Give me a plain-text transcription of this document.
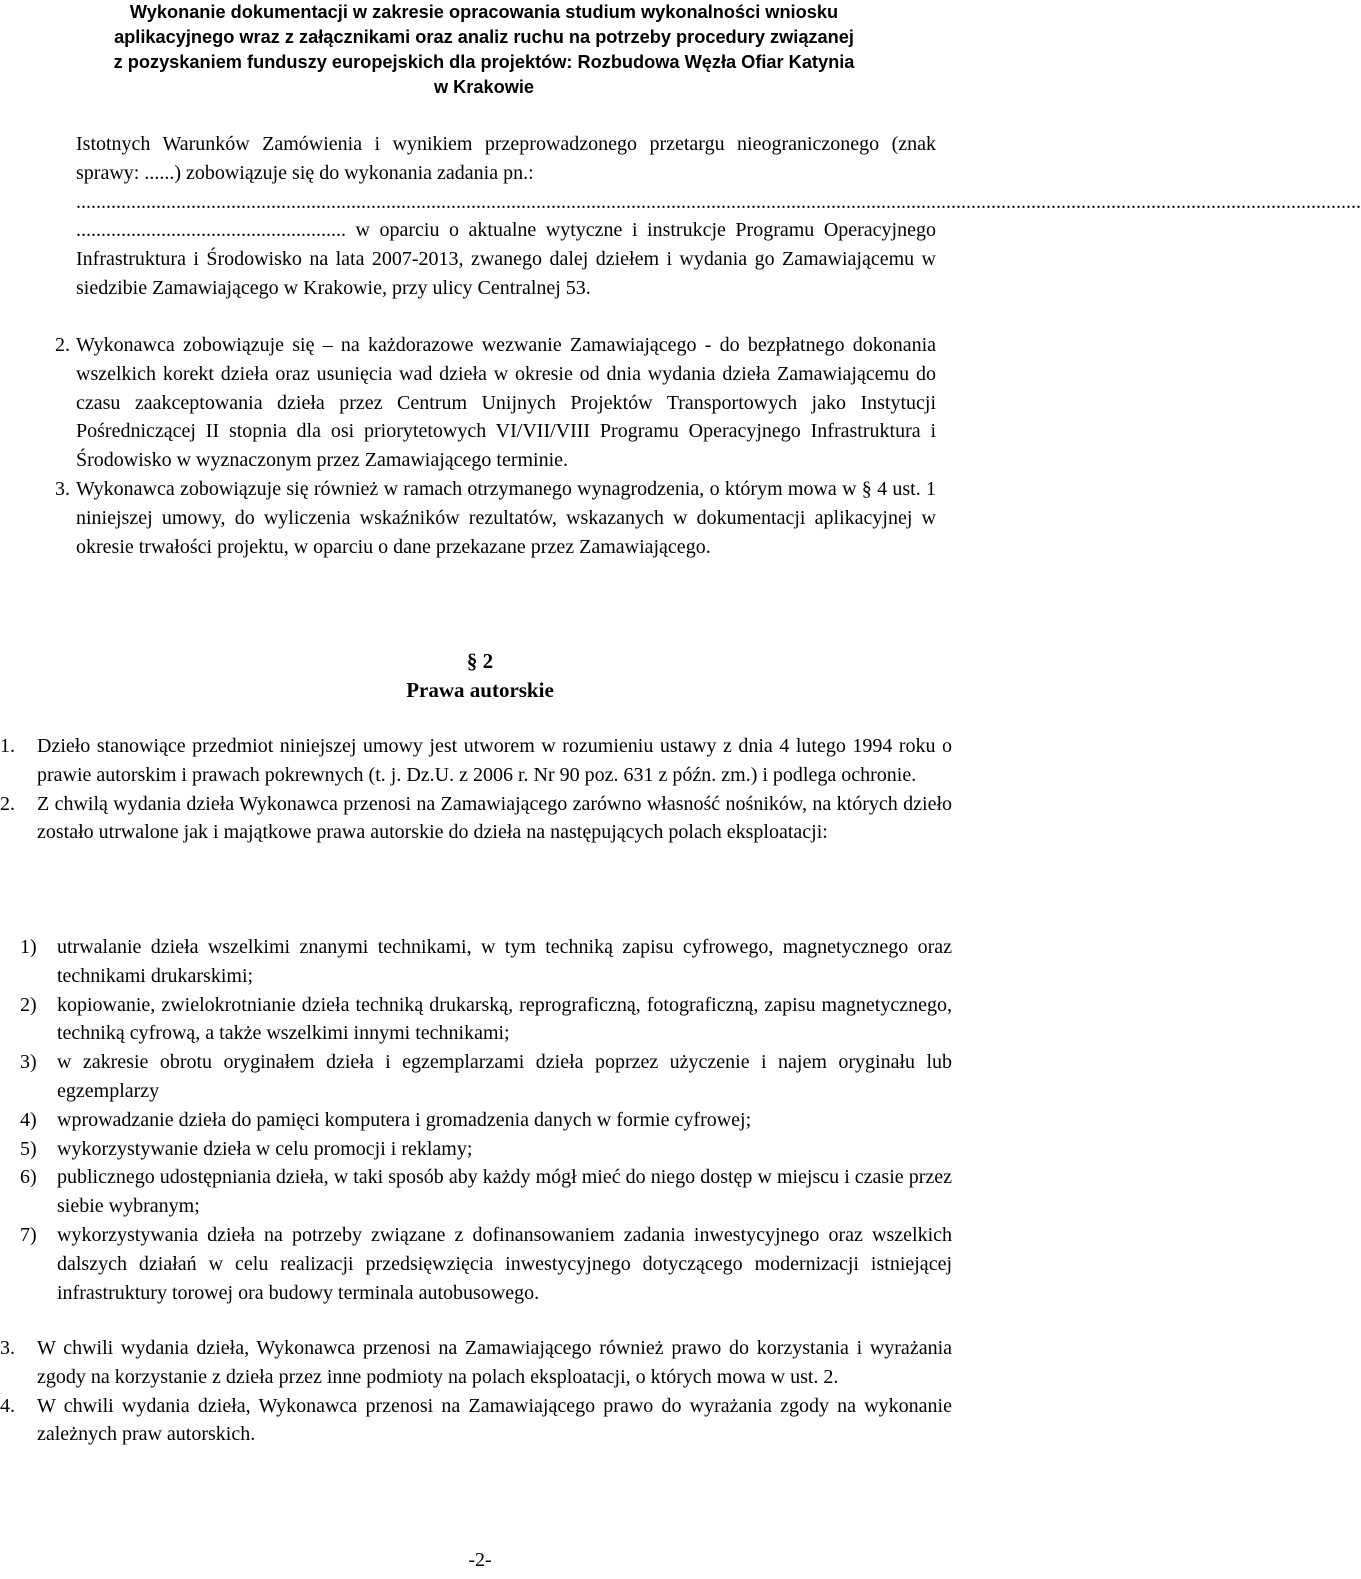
Wykonanie dokumentacji w zakresie opracowania studium wykonalności wniosku
aplikacyjnego wraz z załącznikami oraz analiz ruchu na potrzeby procedury związanej
z pozyskaniem funduszy europejskich dla projektów: Rozbudowa Węzła Ofiar Katynia
w Krakowie

Istotnych Warunków Zamówienia i wynikiem przeprowadzonego przetargu nieograniczonego (znak sprawy: ......) zobowiązuje się do wykonania zadania pn.:

.................................................................................................................................................................................................................................................................

...................................................... w oparciu o aktualne wytyczne i instrukcje Programu Operacyjnego Infrastruktura i Środowisko na lata 2007-2013, zwanego dalej dziełem i wydania go Zamawiającemu w siedzibie Zamawiającego w Krakowie, przy ulicy Centralnej 53.

2. Wykonawca zobowiązuje się – na każdorazowe wezwanie Zamawiającego - do bezpłatnego dokonania wszelkich korekt dzieła oraz usunięcia wad dzieła w okresie od dnia wydania dzieła Zamawiającemu do czasu zaakceptowania dzieła przez Centrum Unijnych Projektów Transportowych jako Instytucji Pośredniczącej II stopnia dla osi priorytetowych VI/VII/VIII Programu Operacyjnego Infrastruktura i Środowisko w wyznaczonym przez Zamawiającego terminie.
3. Wykonawca zobowiązuje się również w ramach otrzymanego wynagrodzenia, o którym mowa w § 4 ust. 1 niniejszej umowy, do wyliczenia wskaźników rezultatów, wskazanych w dokumentacji aplikacyjnej w okresie trwałości projektu, w oparciu o dane przekazane przez Zamawiającego.
§ 2
Prawa autorskie
1.	Dzieło stanowiące przedmiot niniejszej umowy jest utworem w rozumieniu ustawy z dnia 4 lutego 1994 roku o prawie autorskim i prawach pokrewnych (t. j. Dz.U. z 2006 r. Nr 90 poz. 631 z późn. zm.) i podlega ochronie.
2.	Z chwilą wydania dzieła Wykonawca przenosi na Zamawiającego zarówno własność nośników, na których dzieło zostało utrwalone jak i majątkowe prawa autorskie do dzieła na następujących polach eksploatacji:
1)	utrwalanie dzieła wszelkimi znanymi technikami, w tym techniką zapisu cyfrowego, magnetycznego oraz technikami drukarskimi;
2)	kopiowanie, zwielokrotnianie dzieła techniką drukarską, reprograficzną, fotograficzną, zapisu magnetycznego, techniką cyfrową, a także wszelkimi innymi technikami;
3)	w zakresie obrotu oryginałem dzieła i egzemplarzami dzieła poprzez użyczenie i najem oryginału lub egzemplarzy
4)	wprowadzanie dzieła do pamięci komputera i gromadzenia danych w formie cyfrowej;
5)	wykorzystywanie dzieła w celu promocji i reklamy;
6)	publicznego udostępniania dzieła, w taki sposób aby każdy mógł mieć do niego dostęp w miejscu i czasie przez siebie wybranym;
7)	wykorzystywania dzieła na potrzeby związane z dofinansowaniem zadania inwestycyjnego oraz wszelkich dalszych działań w celu realizacji przedsięwzięcia inwestycyjnego dotyczącego modernizacji istniejącej infrastruktury torowej ora budowy terminala autobusowego.
3.	W chwili wydania dzieła, Wykonawca przenosi na Zamawiającego również prawo do korzystania i wyrażania zgody na korzystanie z dzieła przez inne podmioty na polach eksploatacji, o których mowa w ust. 2.
4.	W chwili wydania dzieła, Wykonawca przenosi na Zamawiającego prawo do wyrażania zgody na wykonanie zależnych praw autorskich.
-2-
